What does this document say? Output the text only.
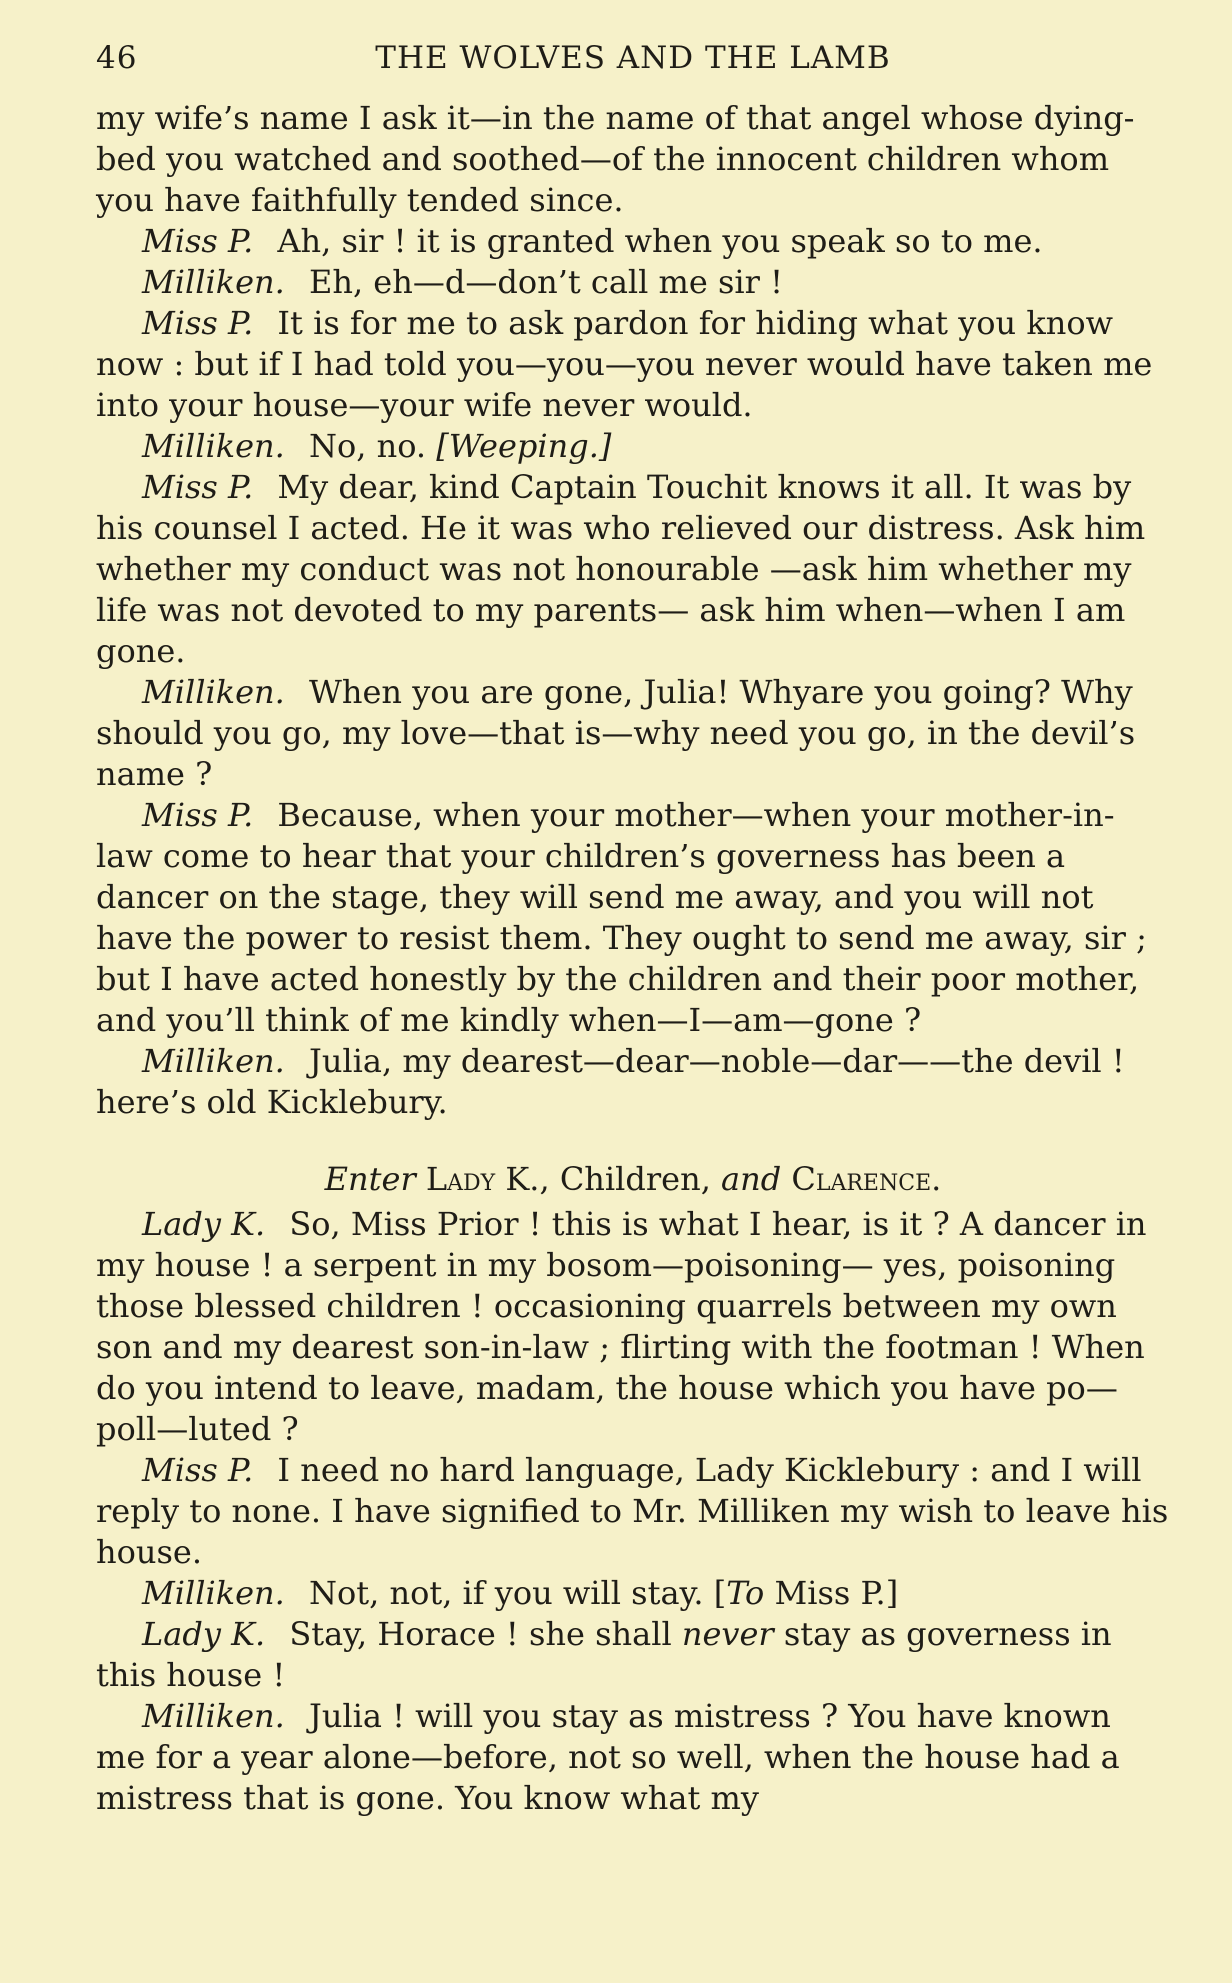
46	THE WOLVES AND THE LAMB

my wife’s name I ask it—in the name of that angel whose dying-bed you watched and soothed—of the innocent children whom you have faithfully tended since.

Miss P. Ah, sir ! it is granted when you speak so to me.

Milliken. Eh, eh—d—don’t call me sir !

Miss P. It is for me to ask pardon for hiding what you know now : but if I had told you—you—you never would have taken me into your house—your wife never would.

Milliken. No, no. [Weeping.]

Miss P. My dear, kind Captain Touchit knows it all. It was by his counsel I acted. He it was who relieved our distress. Ask him whether my conduct was not honourable —ask him whether my life was not devoted to my parents— ask him when—when I am gone.

Milliken. When you are gone, Julia! Whyare you going? Why should you go, my love—that is—why need you go, in the devil’s name ?

Miss P. Because, when your mother—when your mother-in-law come to hear that your children’s governess has been a dancer on the stage, they will send me away, and you will not have the power to resist them. They ought to send me away, sir ; but I have acted honestly by the children and their poor mother, and you’ll think of me kindly when—I—am—gone ?

Milliken. Julia, my dearest—dear—noble—dar——the devil ! here’s old Kicklebury.

Enter Lady K., Children, and Clarence.

Lady K. So, Miss Prior ! this is what I hear, is it ? A dancer in my house ! a serpent in my bosom—poisoning— yes, poisoning those blessed children ! occasioning quarrels between my own son and my dearest son-in-law ; flirting with the footman ! When do you intend to leave, madam, the house which you have po—poll—luted ?

Miss P. I need no hard language, Lady Kicklebury : and I will reply to none. I have signified to Mr. Milliken my wish to leave his house.

Milliken. Not, not, if you will stay. [To Miss P.]

Lady K. Stay, Horace ! she shall never stay as governess in this house !

Milliken. Julia ! will you stay as mistress ? You have known me for a year alone—before, not so well, when the house had a mistress that is gone. You know what my
